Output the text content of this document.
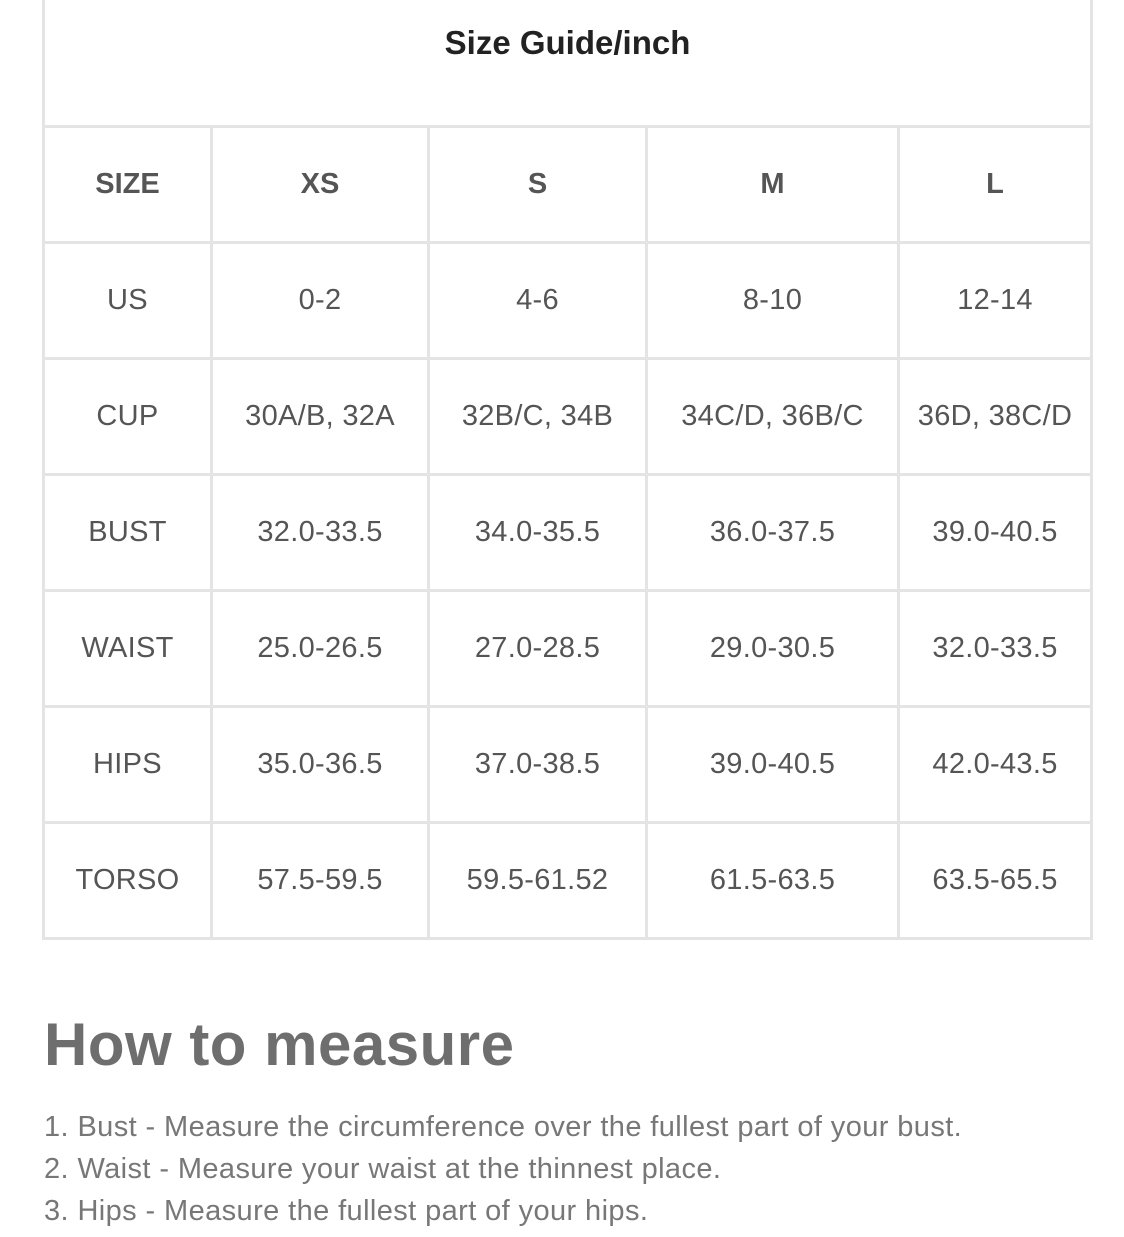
Size Guide/inch				
SIZE	XS	S	M	L
US	0-2	4-6	8-10	12-14
CUP	30A/B, 32A	32B/C, 34B	34C/D, 36B/C	36D, 38C/D
BUST	32.0-33.5	34.0-35.5	36.0-37.5	39.0-40.5
WAIST	25.0-26.5	27.0-28.5	29.0-30.5	32.0-33.5
HIPS	35.0-36.5	37.0-38.5	39.0-40.5	42.0-43.5
TORSO	57.5-59.5	59.5-61.52	61.5-63.5	63.5-65.5
How to measure
1. Bust - Measure the circumference over the fullest part of your bust.
2. Waist - Measure your waist at the thinnest place.
3. Hips - Measure the fullest part of your hips.
